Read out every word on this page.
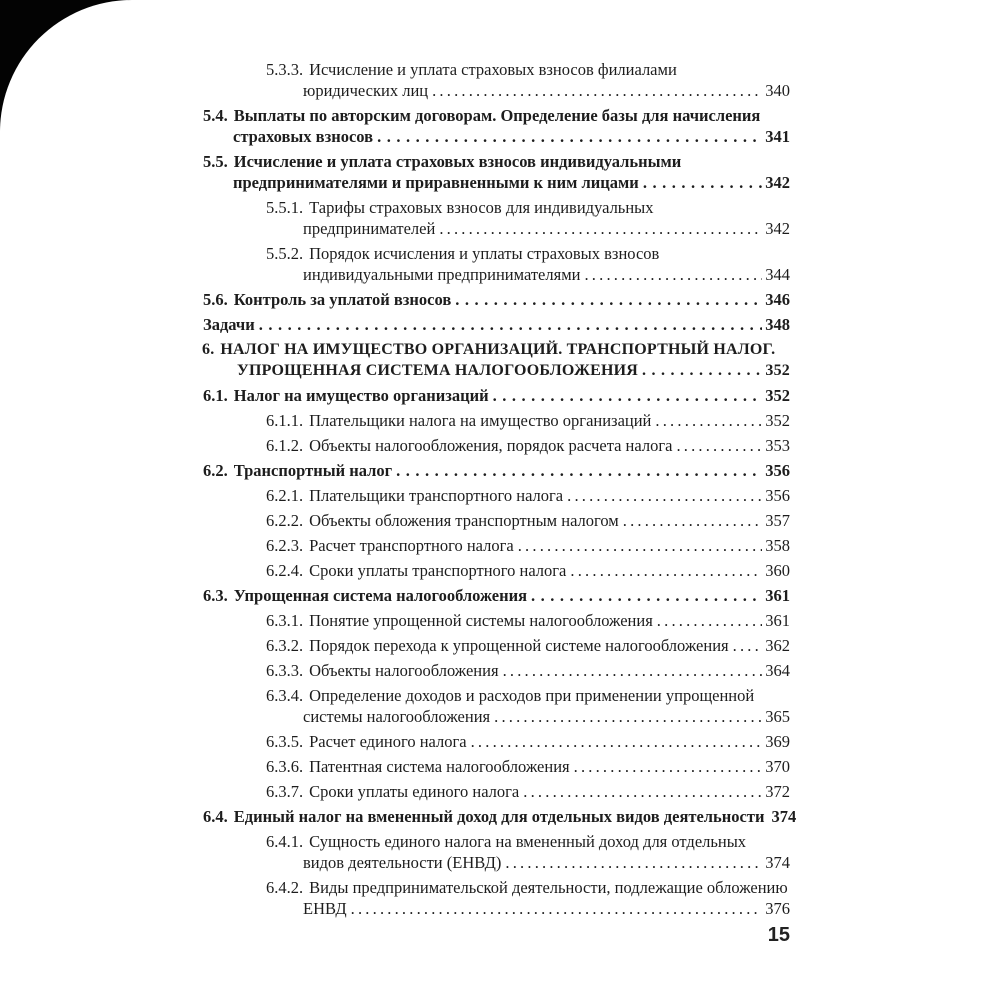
5.3.3. Исчисление и уплата страховых взносов филиалами
юридических лиц .....	340
5.4. Выплаты по авторским договорам. Определение базы для начисления
страховых взносов .....	341
5.5. Исчисление и уплата страховых взносов индивидуальными
предпринимателями и приравненными к ним лицами .....	342
5.5.1. Тарифы страховых взносов для индивидуальных
предпринимателей .....	342
5.5.2. Порядок исчисления и уплаты страховых взносов
индивидуальными предпринимателями .....	344
5.6. Контроль за уплатой взносов .....	346
Задачи .....	348
6. НАЛОГ НА ИМУЩЕСТВО ОРГАНИЗАЦИЙ. ТРАНСПОРТНЫЙ НАЛОГ.
УПРОЩЕННАЯ СИСТЕМА НАЛОГООБЛОЖЕНИЯ .....	352
6.1. Налог на имущество организаций .....	352
6.1.1. Плательщики налога на имущество организаций .....	352
6.1.2. Объекты налогообложения, порядок расчета налога .....	353
6.2. Транспортный налог .....	356
6.2.1. Плательщики транспортного налога .....	356
6.2.2. Объекты обложения транспортным налогом .....	357
6.2.3. Расчет транспортного налога .....	358
6.2.4. Сроки уплаты транспортного налога .....	360
6.3. Упрощенная система налогообложения .....	361
6.3.1. Понятие упрощенной системы налогообложения .....	361
6.3.2. Порядок перехода к упрощенной системе налогообложения ..... 362
6.3.3. Объекты налогообложения .....	364
6.3.4. Определение доходов и расходов при применении упрощенной
системы налогообложения .....	365
6.3.5. Расчет единого налога .....	369
6.3.6. Патентная система налогообложения .....	370
6.3.7. Сроки уплаты единого налога .....	372
6.4. Единый налог на вмененный доход для отдельных видов деятельности 374
6.4.1. Сущность единого налога на вмененный доход для отдельных
видов деятельности (ЕНВД) .....	374
6.4.2. Виды предпринимательской деятельности, подлежащие обложению
ЕНВД .....	376
15
